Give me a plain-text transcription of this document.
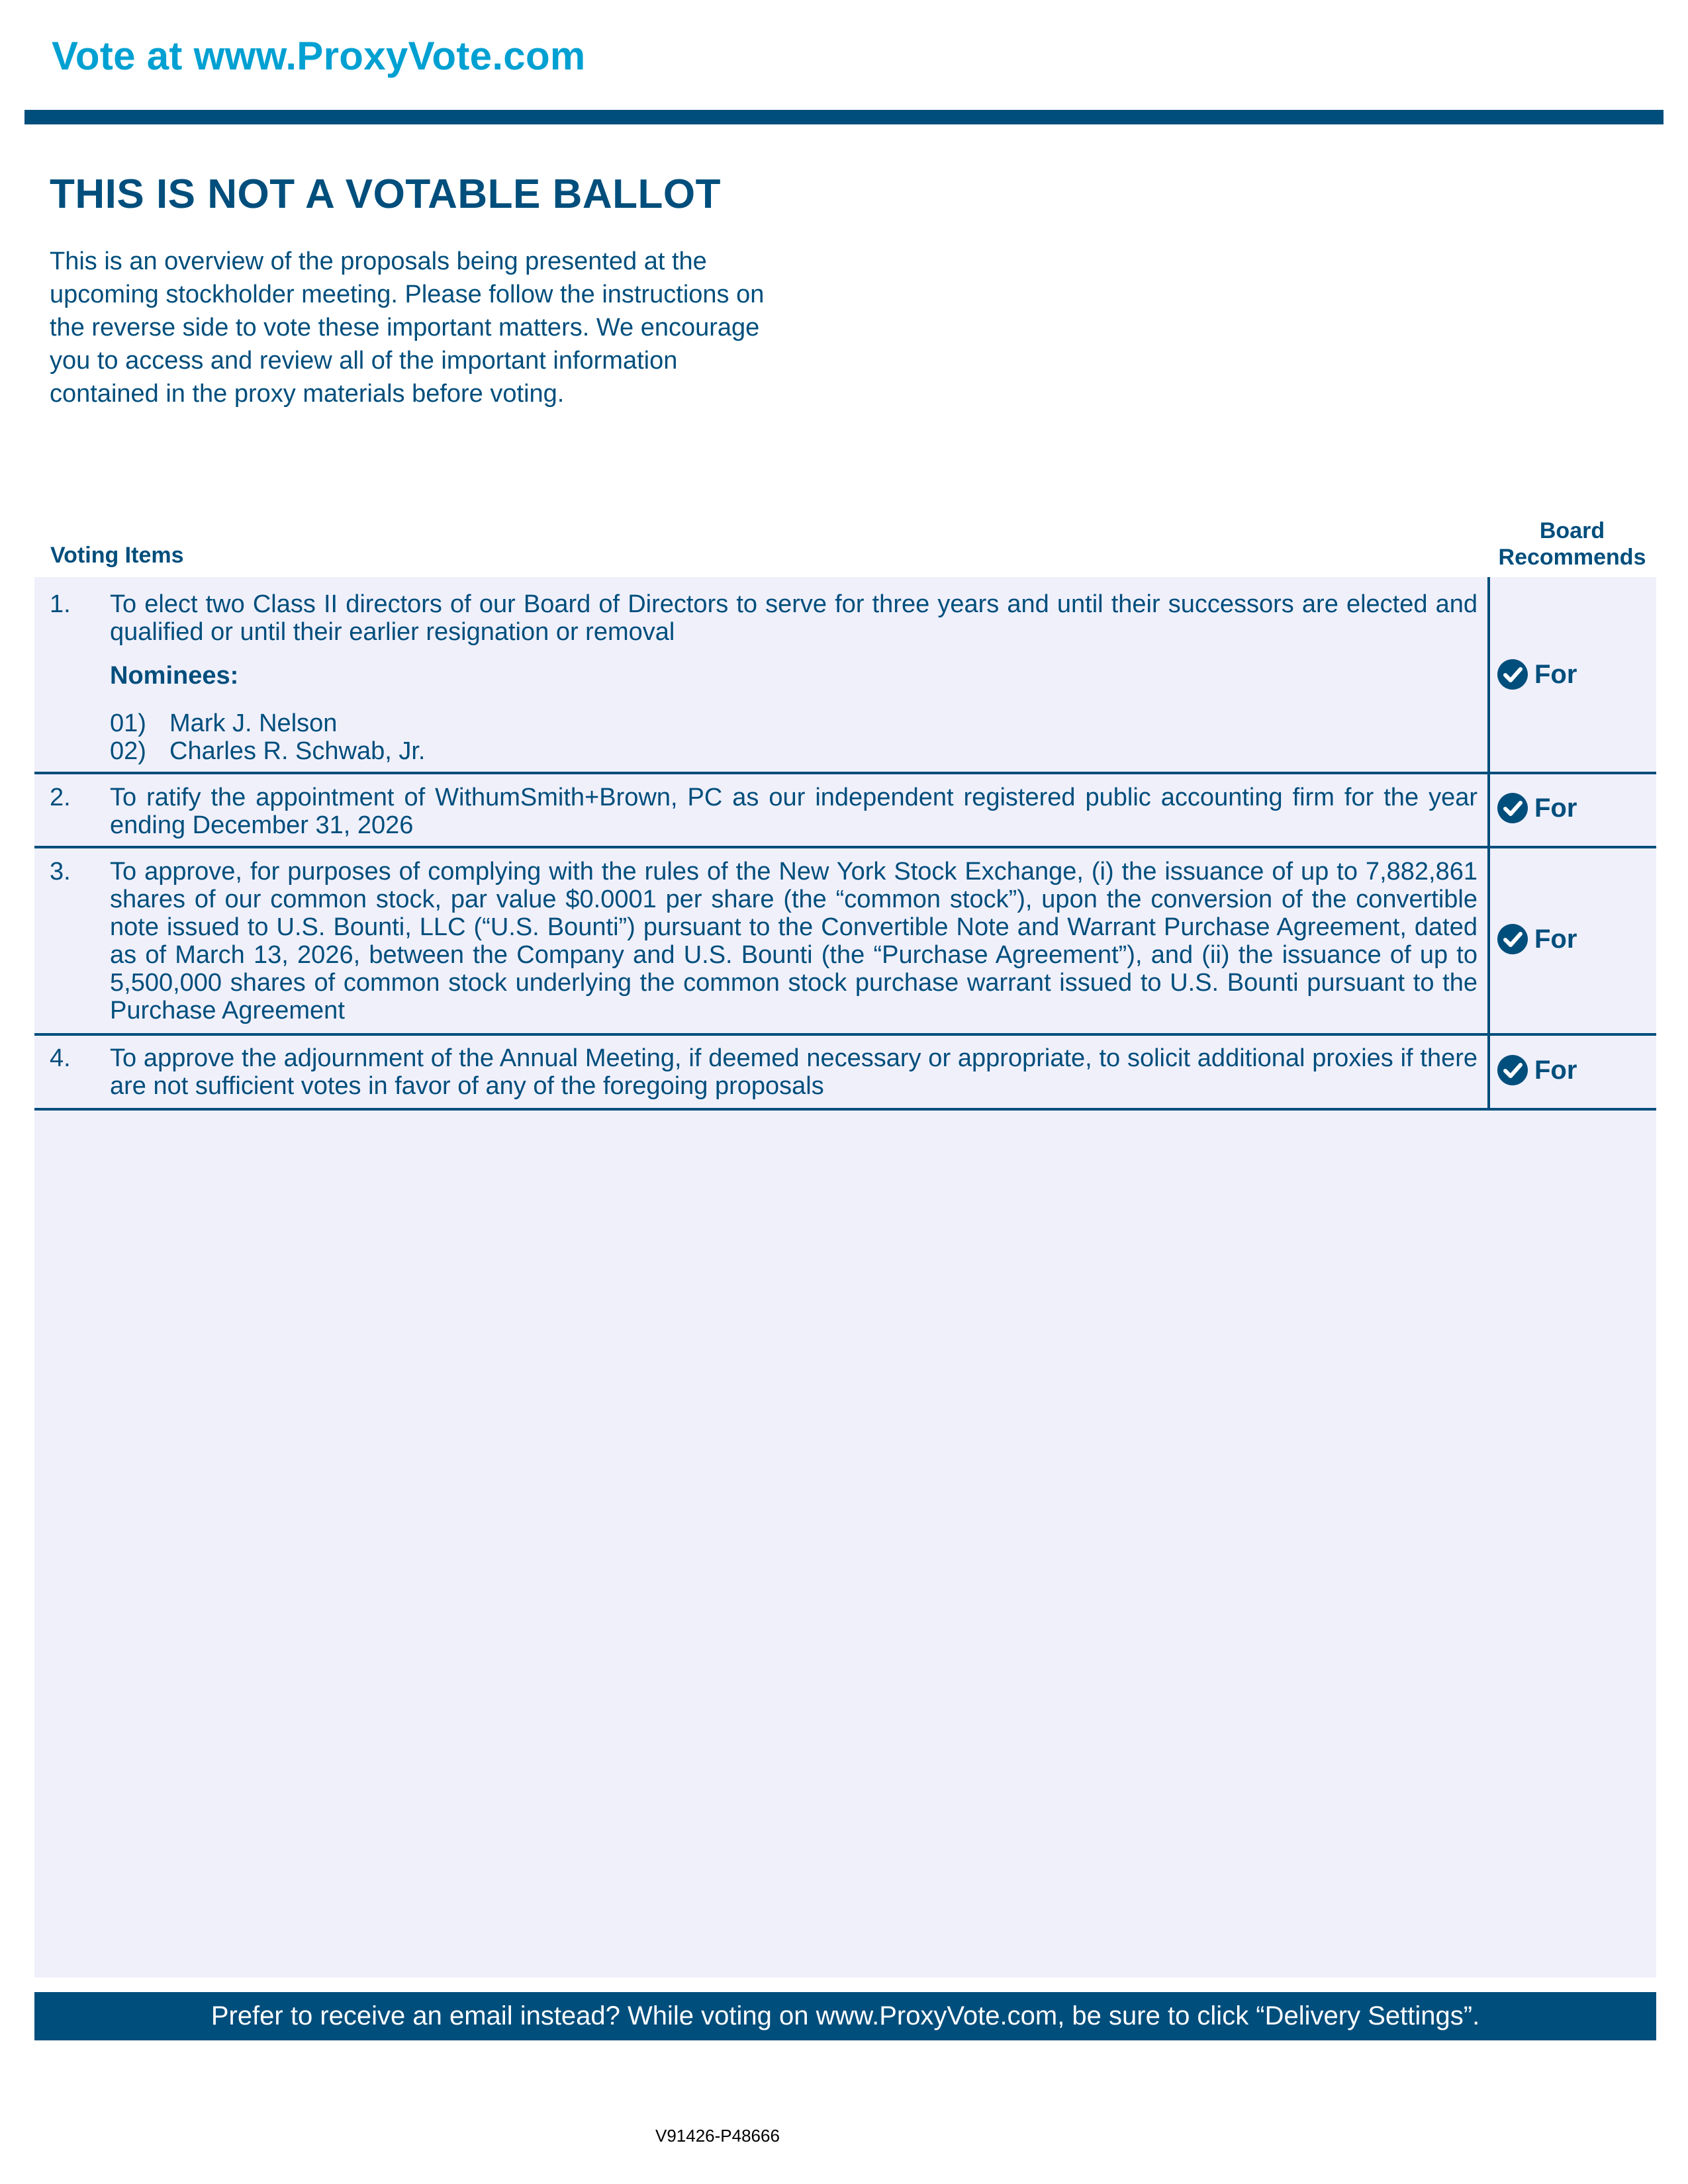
Vote at www.ProxyVote.com
THIS IS NOT A VOTABLE BALLOT
This is an overview of the proposals being presented at the
upcoming stockholder meeting. Please follow the instructions on
the reverse side to vote these important matters. We encourage
you to access and review all of the important information
contained in the proxy materials before voting.
Voting Items
Board
Recommends
1. To elect two Class II directors of our Board of Directors to serve for three years and until their successors are elected and qualified or until their earlier resignation or removal
Nominees:
01) Mark J. Nelson
02) Charles R. Schwab, Jr.
For
2. To ratify the appointment of WithumSmith+Brown, PC as our independent registered public accounting firm for the year ending December 31, 2026
For
3. To approve, for purposes of complying with the rules of the New York Stock Exchange, (i) the issuance of up to 7,882,861 shares of our common stock, par value $0.0001 per share (the “common stock”), upon the conversion of the convertible note issued to U.S. Bounti, LLC (“U.S. Bounti”) pursuant to the Convertible Note and Warrant Purchase Agreement, dated as of March 13, 2026, between the Company and U.S. Bounti (the “Purchase Agreement”), and (ii) the issuance of up to 5,500,000 shares of common stock underlying the common stock purchase warrant issued to U.S. Bounti pursuant to the Purchase Agreement
For
4. To approve the adjournment of the Annual Meeting, if deemed necessary or appropriate, to solicit additional proxies if there are not sufficient votes in favor of any of the foregoing proposals
For
Prefer to receive an email instead? While voting on www.ProxyVote.com, be sure to click “Delivery Settings”.
V91426-P48666
